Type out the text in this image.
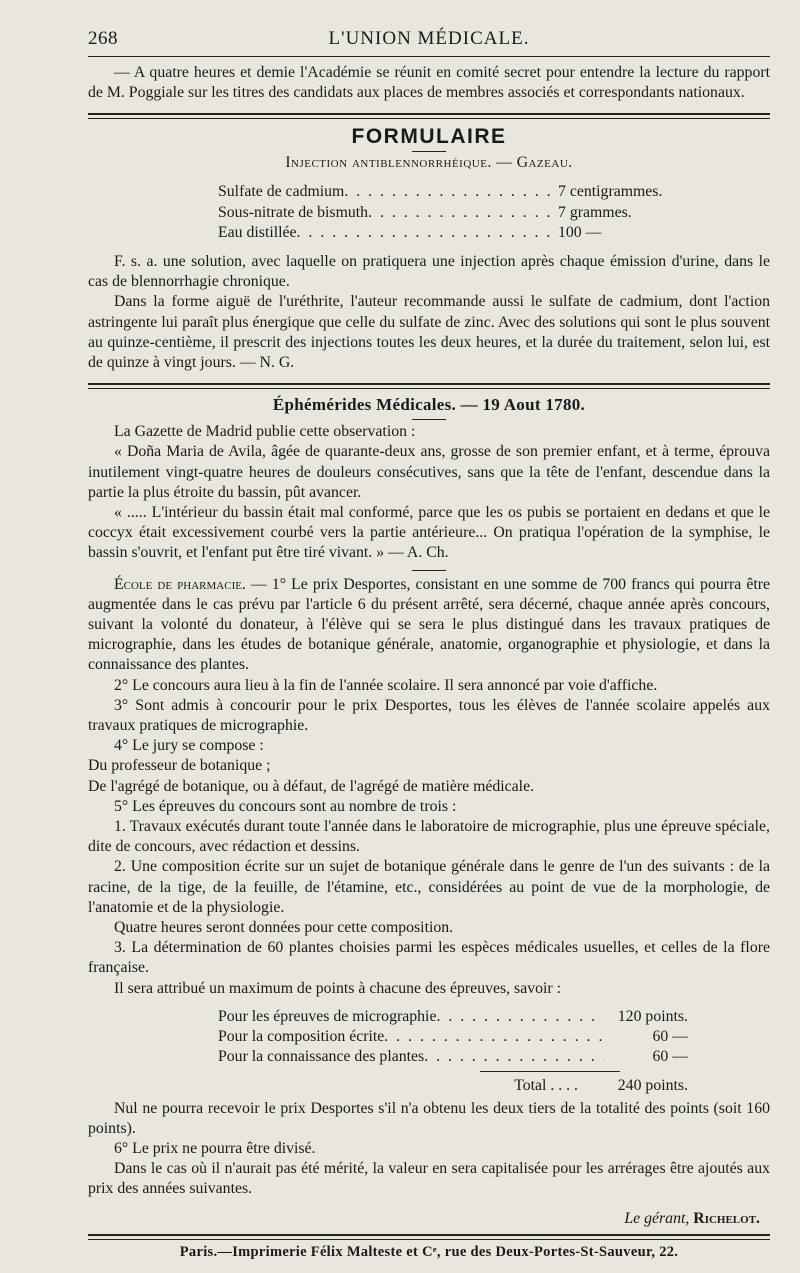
268	L'UNION MÉDICALE.

— A quatre heures et demie l'Académie se réunit en comité secret pour entendre la lecture du rapport de M. Poggiale sur les titres des candidats aux places de membres associés et correspondants nationaux.

FORMULAIRE
Injection antiblennorrhéique. — Gazeau.
Sulfate de cadmium . . .	7 centigrammes.
Sous-nitrate de bismuth . . .	7 grammes.
Eau distillée . . .	100 —

F. s. a. une solution, avec laquelle on pratiquera une injection après chaque émission d'urine, dans le cas de blennorrhagie chronique.

Dans la forme aiguë de l'uréthrite, l'auteur recommande aussi le sulfate de cadmium, dont l'action astringente lui paraît plus énergique que celle du sulfate de zinc. Avec des solutions qui sont le plus souvent au quinze-centième, il prescrit des injections toutes les deux heures, et la durée du traitement, selon lui, est de quinze à vingt jours. — N. G.

Éphémérides Médicales. — 19 Aout 1780.

La Gazette de Madrid publie cette observation :

« Doña Maria de Avila, âgée de quarante-deux ans, grosse de son premier enfant, et à terme, éprouva inutilement vingt-quatre heures de douleurs consécutives, sans que la tête de l'enfant, descendue dans la partie la plus étroite du bassin, pût avancer.

« ..... L'intérieur du bassin était mal conformé, parce que les os pubis se portaient en dedans et que le coccyx était excessivement courbé vers la partie antérieure... On pratiqua l'opération de la symphise, le bassin s'ouvrit, et l'enfant put être tiré vivant. » — A. Ch.

École de pharmacie. — 1° Le prix Desportes, consistant en une somme de 700 francs qui pourra être augmentée dans le cas prévu par l'article 6 du présent arrêté, sera décerné, chaque année après concours, suivant la volonté du donateur, à l'élève qui se sera le plus distingué dans les travaux pratiques de micrographie, dans les études de botanique générale, anatomie, organographie et physiologie, et dans la connaissance des plantes.

2° Le concours aura lieu à la fin de l'année scolaire. Il sera annoncé par voie d'affiche.

3° Sont admis à concourir pour le prix Desportes, tous les élèves de l'année scolaire appelés aux travaux pratiques de micrographie.

4° Le jury se compose :

Du professeur de botanique ;

De l'agrégé de botanique, ou à défaut, de l'agrégé de matière médicale.

5° Les épreuves du concours sont au nombre de trois :

1. Travaux exécutés durant toute l'année dans le laboratoire de micrographie, plus une épreuve spéciale, dite de concours, avec rédaction et dessins.

2. Une composition écrite sur un sujet de botanique générale dans le genre de l'un des suivants : de la racine, de la tige, de la feuille, de l'étamine, etc., considérées au point de vue de la morphologie, de l'anatomie et de la physiologie.

Quatre heures seront données pour cette composition.

3. La détermination de 60 plantes choisies parmi les espèces médicales usuelles, et celles de la flore française.

Il sera attribué un maximum de points à chacune des épreuves, savoir :

Pour les épreuves de micrographie . . .	120 points.
Pour la composition écrite . . .	60 —
Pour la connaissance des plantes . . .	60 —
Total . . . .	240 points.

Nul ne pourra recevoir le prix Desportes s'il n'a obtenu les deux tiers de la totalité des points (soit 160 points).

6° Le prix ne pourra être divisé.

Dans le cas où il n'aurait pas été mérité, la valeur en sera capitalisée pour les arrérages être ajoutés aux prix des années suivantes.

Le gérant, Richelot.
Paris.—Imprimerie Félix Malteste et Cᵉ, rue des Deux-Portes-St-Sauveur, 22.
